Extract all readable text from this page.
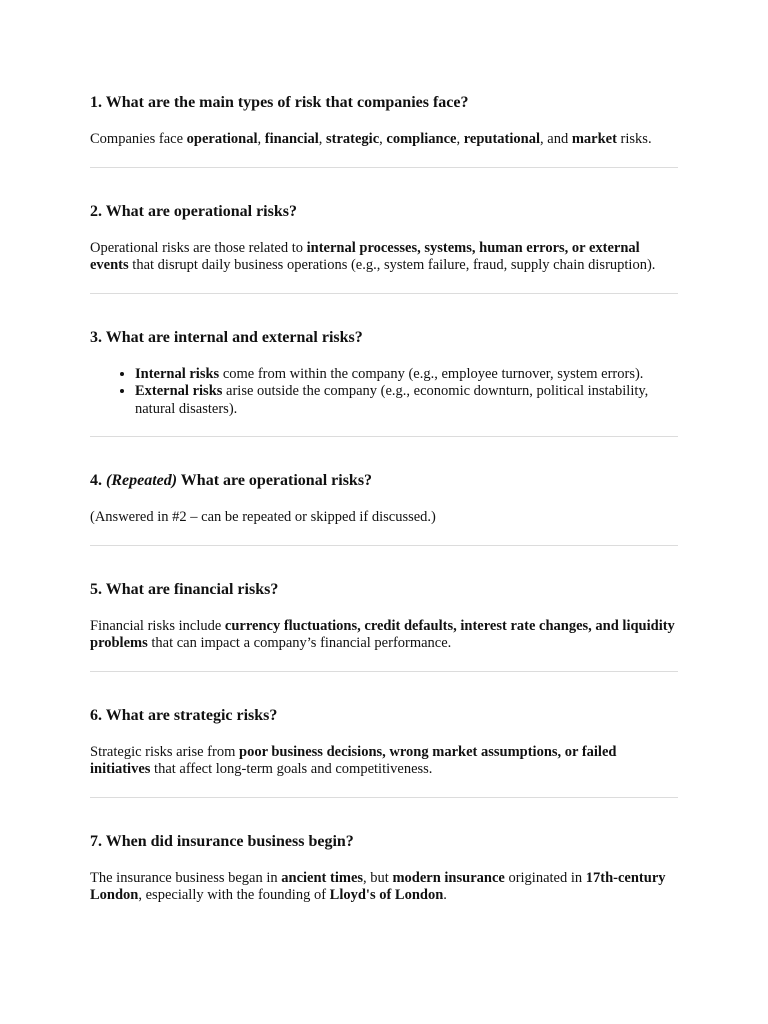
1. What are the main types of risk that companies face?

Companies face operational, financial, strategic, compliance, reputational, and market risks.

2. What are operational risks?

Operational risks are those related to internal processes, systems, human errors, or external events that disrupt daily business operations (e.g., system failure, fraud, supply chain disruption).

3. What are internal and external risks?
• Internal risks come from within the company (e.g., employee turnover, system errors).
• External risks arise outside the company (e.g., economic downturn, political instability, natural disasters).
4. (Repeated) What are operational risks?

(Answered in #2 – can be repeated or skipped if discussed.)

5. What are financial risks?

Financial risks include currency fluctuations, credit defaults, interest rate changes, and liquidity problems that can impact a company’s financial performance.

6. What are strategic risks?

Strategic risks arise from poor business decisions, wrong market assumptions, or failed initiatives that affect long-term goals and competitiveness.

7. When did insurance business begin?

The insurance business began in ancient times, but modern insurance originated in 17th-century London, especially with the founding of Lloyd's of London.
